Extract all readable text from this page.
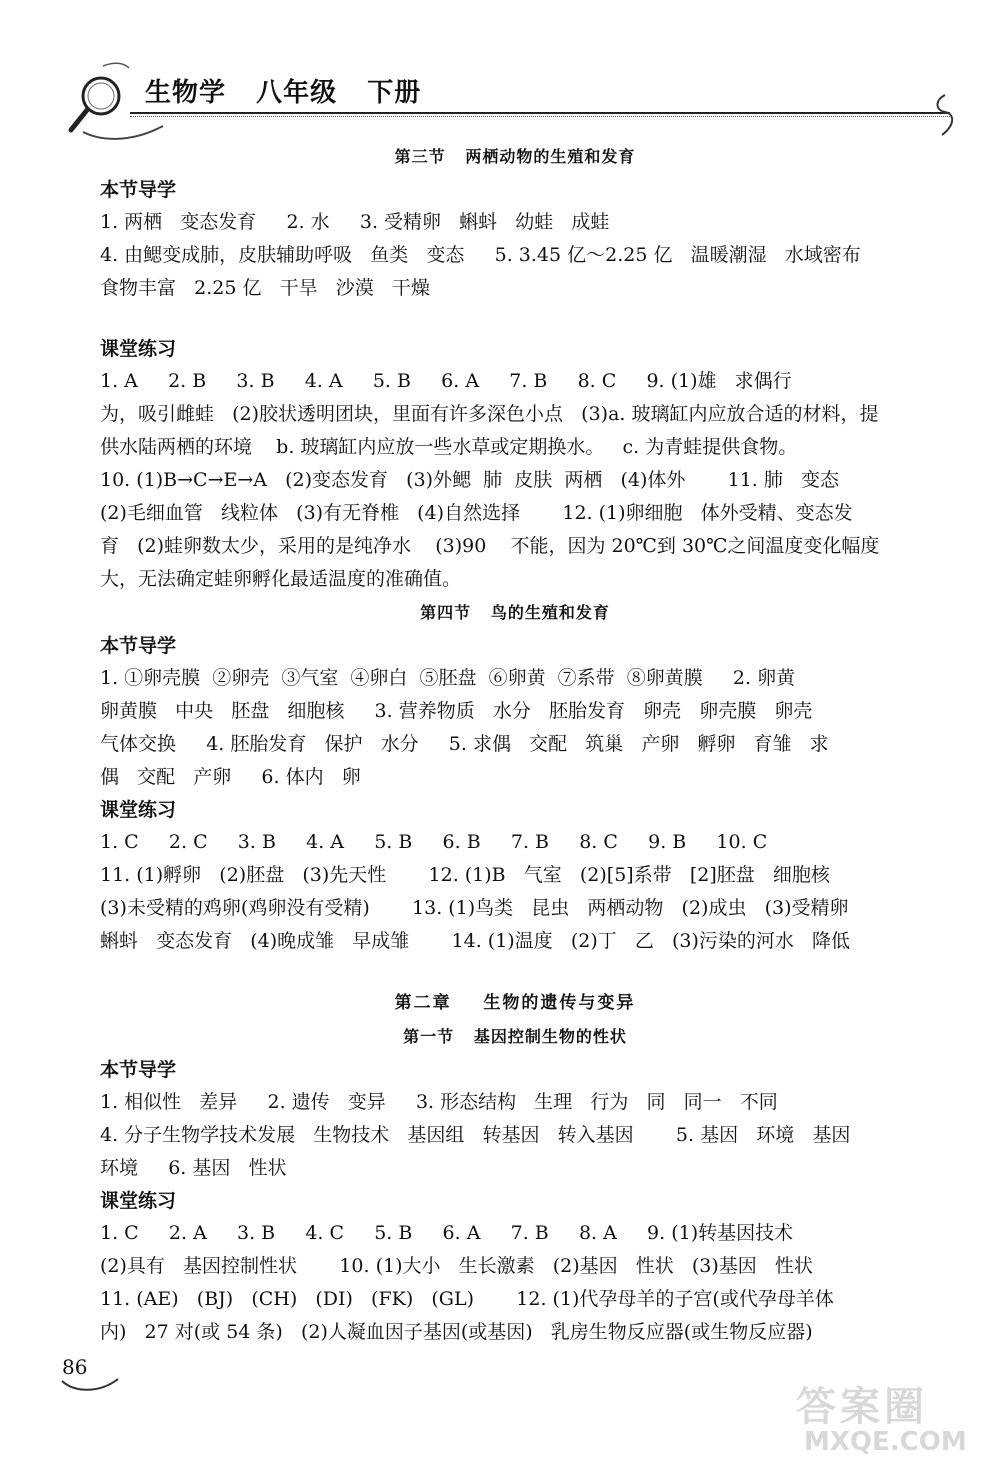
生物学   八年级   下册

第三节   两栖动物的生殖和发育

本节导学

1. 两栖   变态发育     2. 水     3. 受精卵   蝌蚪   幼蛙   成蛙

4. 由鳃变成肺，皮肤辅助呼吸   鱼类   变态     5. 3.45 亿～2.25 亿   温暖潮湿   水域密布

食物丰富   2.25 亿   干旱   沙漠   干燥

课堂练习

1. A     2. B     3. B     4. A     5. B     6. A     7. B     8. C     9. (1)雄   求偶行

为，吸引雌蛙   (2)胶状透明团块，里面有许多深色小点   (3)a. 玻璃缸内应放合适的材料，提

供水陆两栖的环境    b. 玻璃缸内应放一些水草或定期换水。   c. 为青蛙提供食物。

10. (1)B→C→E→A   (2)变态发育   (3)外鳃  肺  皮肤  两栖   (4)体外       11. 肺   变态

(2)毛细血管   线粒体   (3)有无脊椎   (4)自然选择       12. (1)卵细胞   体外受精、变态发

育   (2)蛙卵数太少，采用的是纯净水    (3)90    不能，因为 20℃到 30℃之间温度变化幅度

大，无法确定蛙卵孵化最适温度的准确值。

第四节   鸟的生殖和发育

本节导学

1. ①卵壳膜  ②卵壳  ③气室  ④卵白  ⑤胚盘  ⑥卵黄  ⑦系带  ⑧卵黄膜     2. 卵黄

卵黄膜   中央   胚盘   细胞核     3. 营养物质   水分   胚胎发育   卵壳   卵壳膜   卵壳

气体交换     4. 胚胎发育   保护   水分     5. 求偶   交配   筑巢   产卵   孵卵   育雏   求

偶   交配   产卵     6. 体内   卵

课堂练习

1. C     2. C     3. B     4. A     5. B     6. B     7. B     8. C     9. B     10. C

11. (1)孵卵   (2)胚盘   (3)先天性       12. (1)B   气室   (2)[5]系带   [2]胚盘   细胞核

(3)未受精的鸡卵(鸡卵没有受精)       13. (1)鸟类   昆虫   两栖动物   (2)成虫   (3)受精卵

蝌蚪   变态发育   (4)晚成雏   早成雏       14. (1)温度   (2)丁   乙   (3)污染的河水   降低

第二章    生物的遗传与变异

第一节   基因控制生物的性状

本节导学

1. 相似性   差异     2. 遗传   变异     3. 形态结构   生理   行为   同   同一   不同

4. 分子生物学技术发展   生物技术   基因组   转基因   转入基因       5. 基因   环境   基因

环境     6. 基因   性状

课堂练习

1. C     2. A     3. B     4. C     5. B     6. A     7. B     8. A     9. (1)转基因技术

(2)具有   基因控制性状       10. (1)大小   生长激素   (2)基因   性状   (3)基因   性状

11. (AE)   (BJ)   (CH)   (DI)   (FK)   (GL)       12. (1)代孕母羊的子宫(或代孕母羊体

内)   27 对(或 54 条)   (2)人凝血因子基因(或基因)   乳房生物反应器(或生物反应器)

86
答案圈
MXQE.COM
